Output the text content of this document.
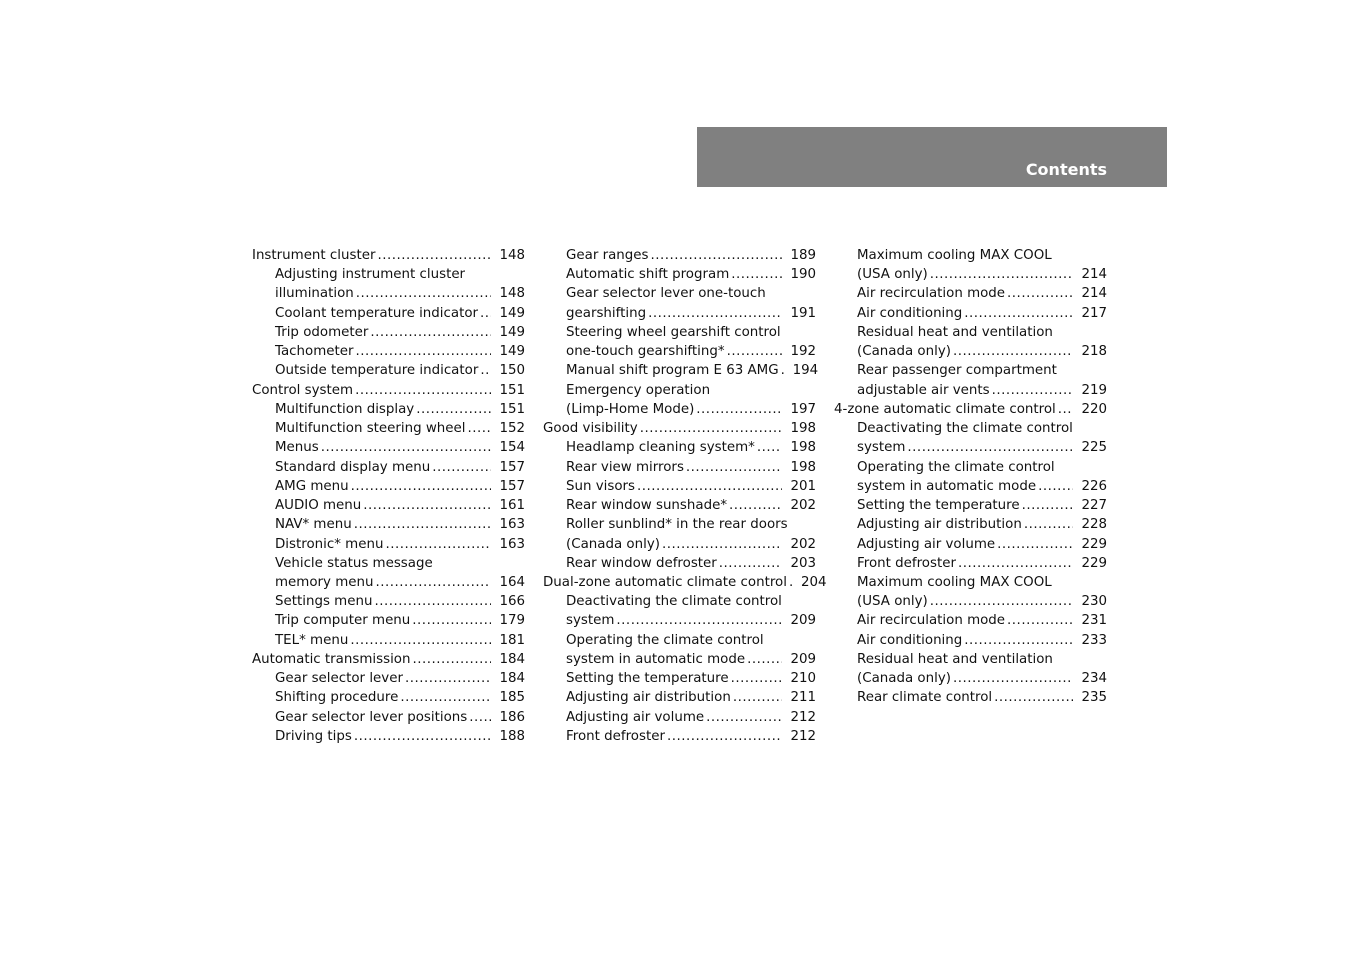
Contents
Instrument cluster .....	148
Adjusting instrument cluster
illumination .....	148
Coolant temperature indicator .....	149
Trip odometer .....	149
Tachometer .....	149
Outside temperature indicator .....	150
Control system .....	151
Multifunction display .....	151
Multifunction steering wheel .....	152
Menus .....	154
Standard display menu .....	157
AMG menu .....	157
AUDIO menu .....	161
NAV* menu .....	163
Distronic* menu .....	163
Vehicle status message
memory menu .....	164
Settings menu .....	166
Trip computer menu .....	179
TEL* menu .....	181
Automatic transmission .....	184
Gear selector lever .....	184
Shifting procedure .....	185
Gear selector lever positions .....	186
Driving tips .....	188
Gear ranges .....	189
Automatic shift program .....	190
Gear selector lever one-touch
gearshifting .....	191
Steering wheel gearshift control
one-touch gearshifting* .....	192
Manual shift program E 63 AMG .....	194
Emergency operation
(Limp-Home Mode) .....	197
Good visibility .....	198
Headlamp cleaning system* .....	198
Rear view mirrors .....	198
Sun visors .....	201
Rear window sunshade* .....	202
Roller sunblind* in the rear doors
(Canada only) .....	202
Rear window defroster .....	203
Dual-zone automatic climate control .....	204
Deactivating the climate control
system .....	209
Operating the climate control
system in automatic mode .....	209
Setting the temperature .....	210
Adjusting air distribution .....	211
Adjusting air volume .....	212
Front defroster .....	212
Maximum cooling MAX COOL
(USA only) .....	214
Air recirculation mode .....	214
Air conditioning .....	217
Residual heat and ventilation
(Canada only) .....	218
Rear passenger compartment
adjustable air vents .....	219
4-zone automatic climate control .....	220
Deactivating the climate control
system .....	225
Operating the climate control
system in automatic mode .....	226
Setting the temperature .....	227
Adjusting air distribution .....	228
Adjusting air volume .....	229
Front defroster .....	229
Maximum cooling MAX COOL
(USA only) .....	230
Air recirculation mode .....	231
Air conditioning .....	233
Residual heat and ventilation
(Canada only) .....	234
Rear climate control .....	235
